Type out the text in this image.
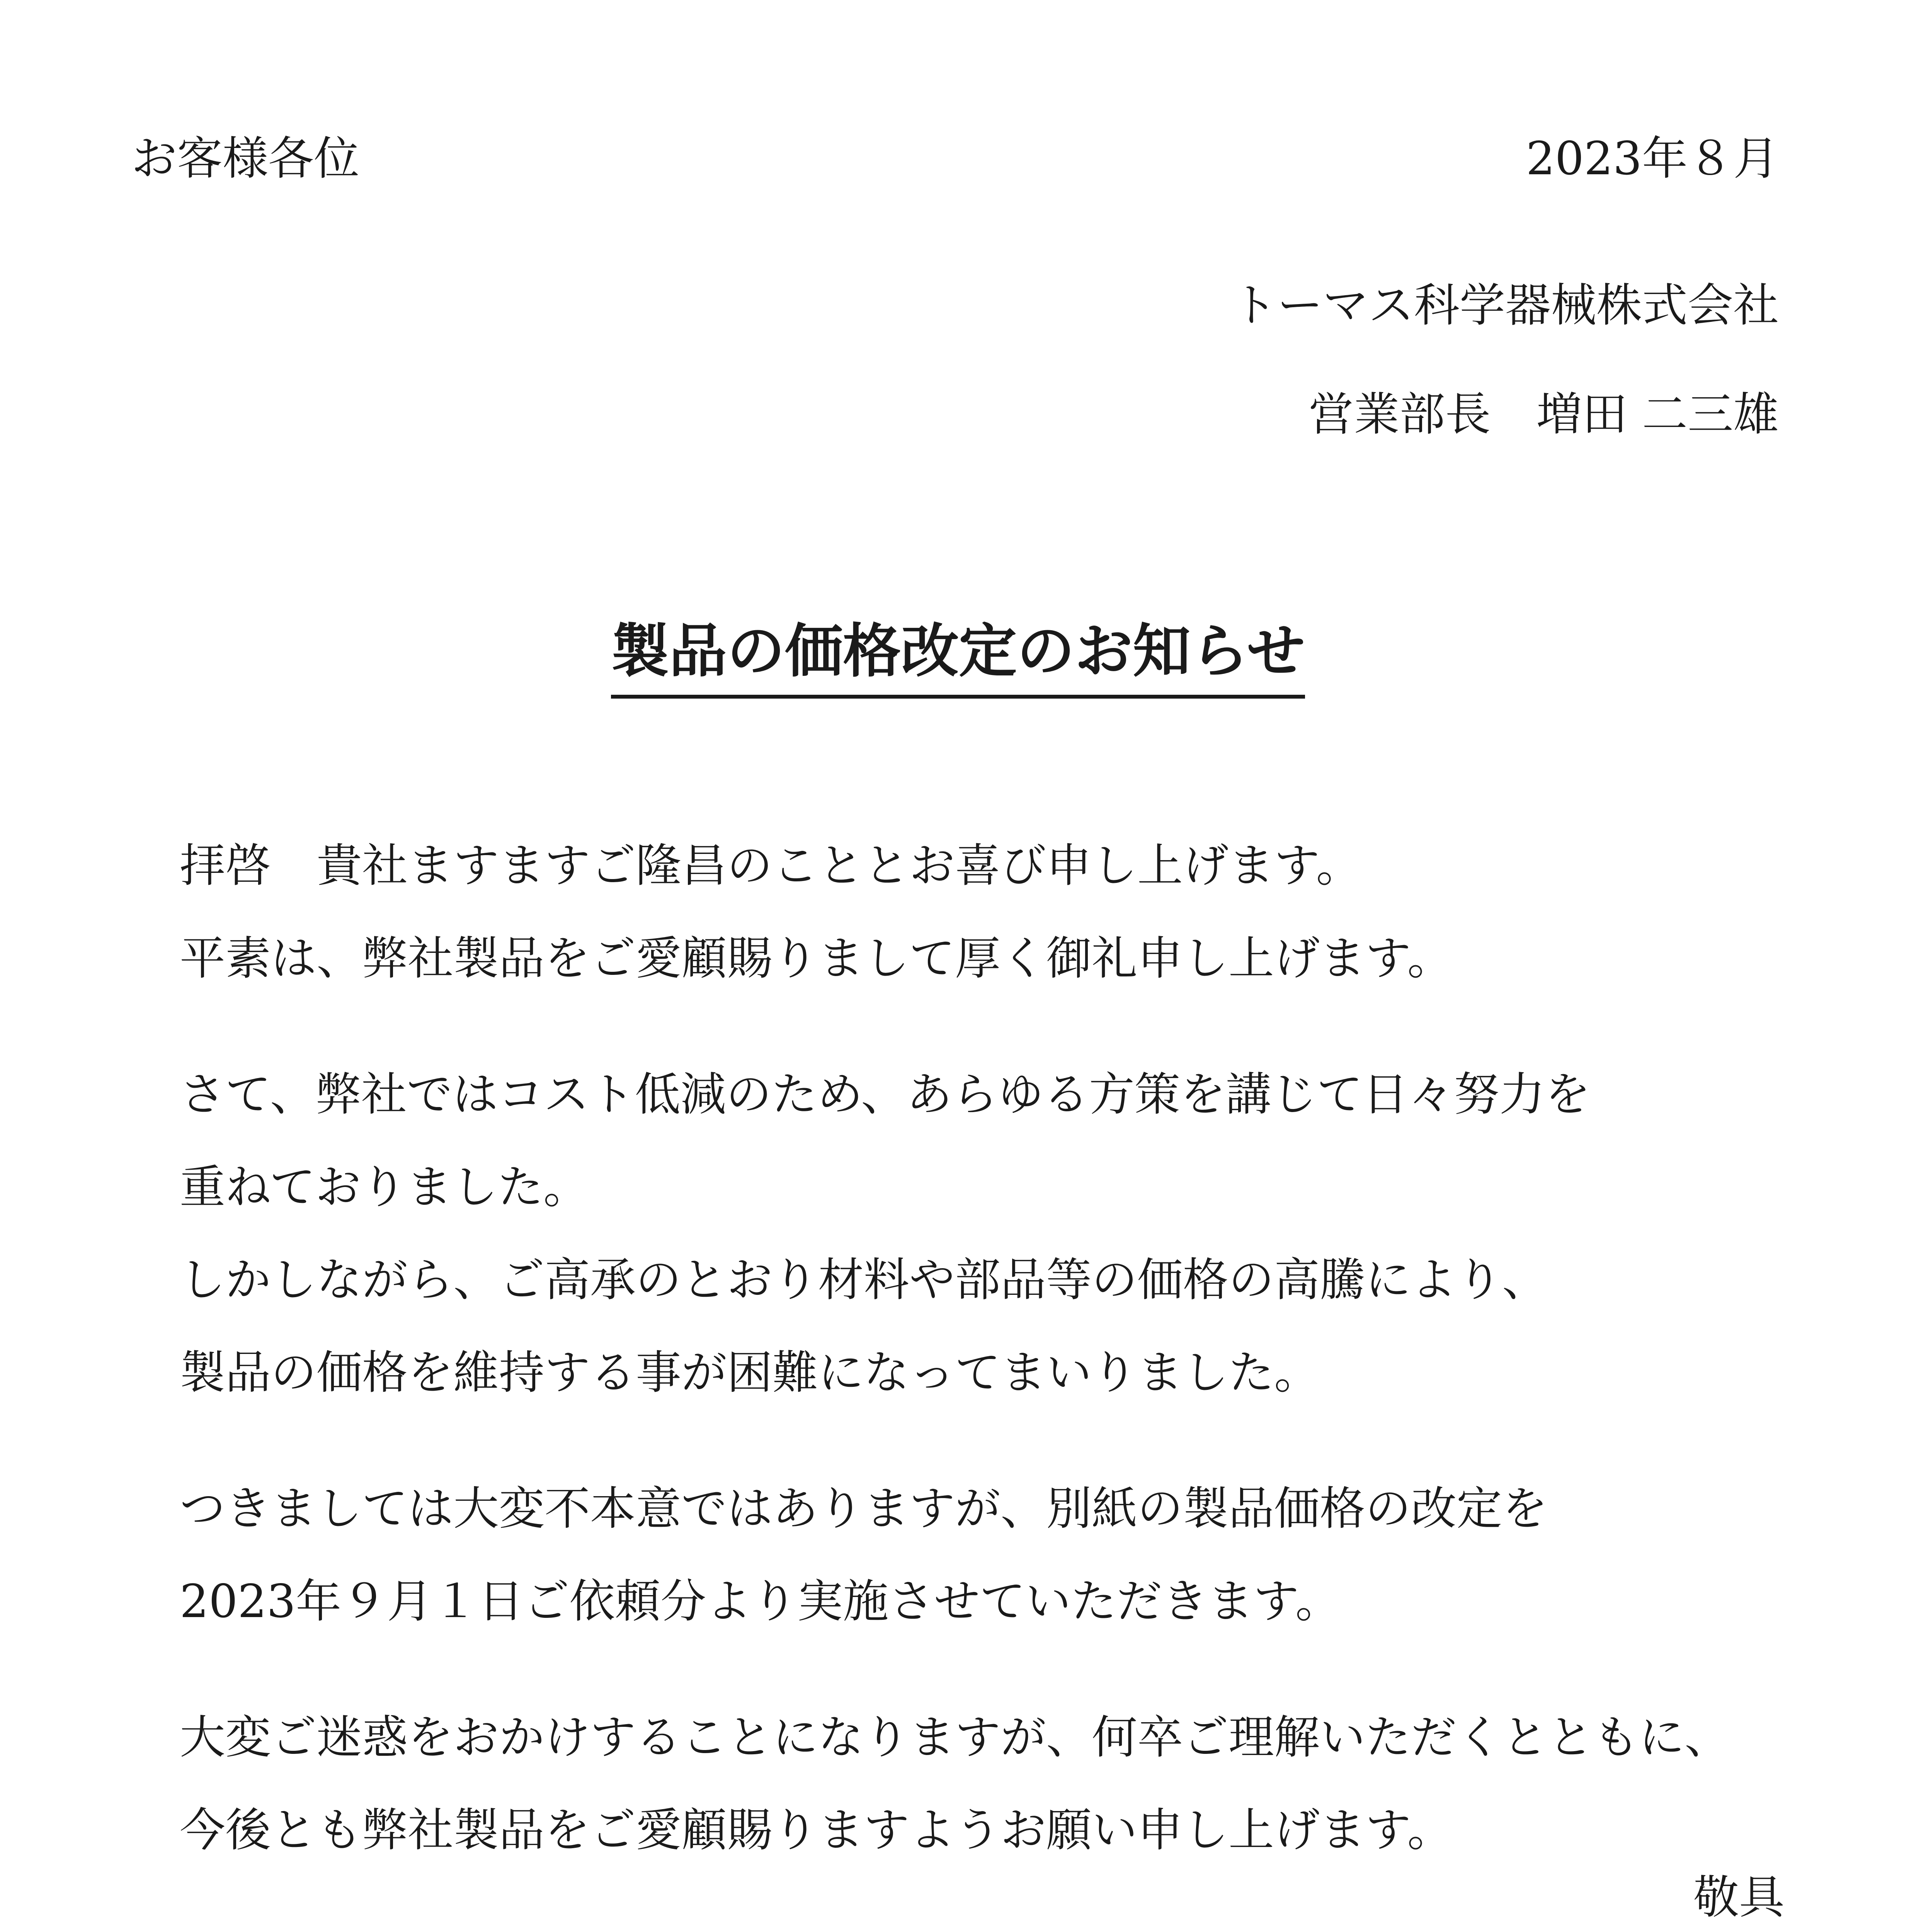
お客様各位	2023年８月
トーマス科学器械株式会社
営業部長　増田 二三雄
製品の価格改定のお知らせ
拝啓　貴社ますますご隆昌のこととお喜び申し上げます。
平素は、弊社製品をご愛顧賜りまして厚く御礼申し上げます。
さて、弊社ではコスト低減のため、あらゆる方策を講じて日々努力を
重ねておりました。
しかしながら、ご高承のとおり材料や部品等の価格の高騰により、
製品の価格を維持する事が困難になってまいりました。
つきましては大変不本意ではありますが、別紙の製品価格の改定を
2023年９月１日ご依頼分より実施させていただきます。
大変ご迷惑をおかけすることになりますが、何卒ご理解いただくとともに、
今後とも弊社製品をご愛顧賜りますようお願い申し上げます。
敬具
